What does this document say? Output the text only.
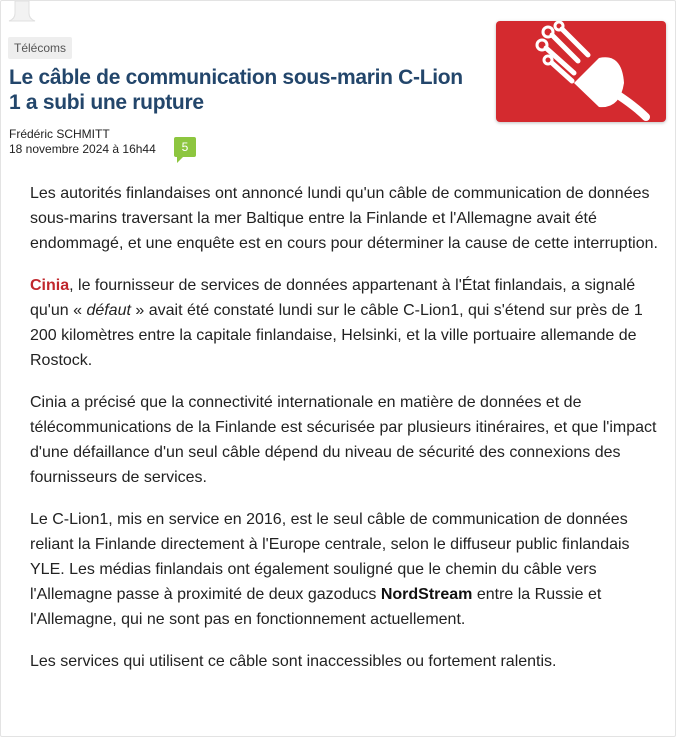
Télécoms
Le câble de communication sous-marin C-Lion 1 a subi une rupture
Frédéric SCHMITT
18 novembre 2024 à 16h44	5

Les autorités finlandaises ont annoncé lundi qu'un câble de communication de données sous-marins traversant la mer Baltique entre la Finlande et l'Allemagne avait été endommagé, et une enquête est en cours pour déterminer la cause de cette interruption.

Cinia, le fournisseur de services de données appartenant à l'État finlandais, a signalé qu'un « défaut » avait été constaté lundi sur le câble C-Lion1, qui s'étend sur près de 1 200 kilomètres entre la capitale finlandaise, Helsinki, et la ville portuaire allemande de Rostock.

Cinia a précisé que la connectivité internationale en matière de données et de télécommunications de la Finlande est sécurisée par plusieurs itinéraires, et que l'impact d'une défaillance d'un seul câble dépend du niveau de sécurité des connexions des fournisseurs de services.

Le C-Lion1, mis en service en 2016, est le seul câble de communication de données reliant la Finlande directement à l'Europe centrale, selon le diffuseur public finlandais YLE. Les médias finlandais ont également souligné que le chemin du câble vers l'Allemagne passe à proximité de deux gazoducs NordStream entre la Russie et l'Allemagne, qui ne sont pas en fonctionnement actuellement.

Les services qui utilisent ce câble sont inaccessibles ou fortement ralentis.
